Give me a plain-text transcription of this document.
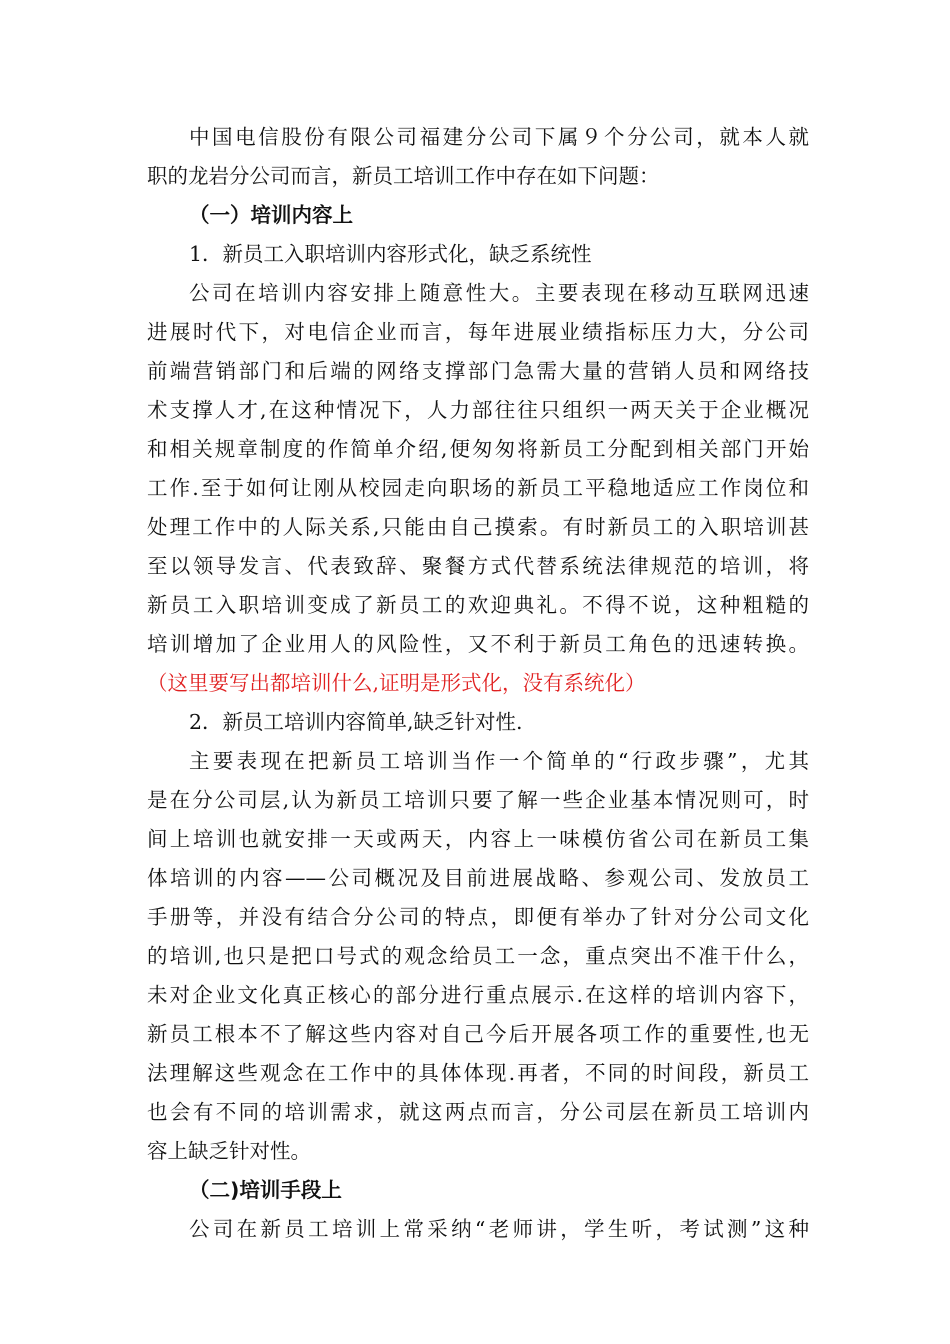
中国电信股份有限公司福建分公司下属９个分公司，就本人就
职的龙岩分公司而言，新员工培训工作中存在如下问题：
（一）培训内容上
1．新员工入职培训内容形式化，缺乏系统性
公司在培训内容安排上随意性大。主要表现在移动互联网迅速
进展时代下，对电信企业而言，每年进展业绩指标压力大，分公司
前端营销部门和后端的网络支撑部门急需大量的营销人员和网络技
术支撑人才,在这种情况下，人力部往往只组织一两天关于企业概况
和相关规章制度的作简单介绍,便匆匆将新员工分配到相关部门开始
工作.至于如何让刚从校园走向职场的新员工平稳地适应工作岗位和
处理工作中的人际关系,只能由自己摸索。有时新员工的入职培训甚
至以领导发言、代表致辞、聚餐方式代替系统法律规范的培训，将
新员工入职培训变成了新员工的欢迎典礼。不得不说，这种粗糙的
培训增加了企业用人的风险性，又不利于新员工角色的迅速转换。
（这里要写出都培训什么,证明是形式化，没有系统化）
2．新员工培训内容简单,缺乏针对性.
主要表现在把新员工培训当作一个简单的“行政步骤”，尤其
是在分公司层,认为新员工培训只要了解一些企业基本情况则可，时
间上培训也就安排一天或两天，内容上一味模仿省公司在新员工集
体培训的内容——公司概况及目前进展战略、参观公司、发放员工
手册等，并没有结合分公司的特点，即便有举办了针对分公司文化
的培训,也只是把口号式的观念给员工一念，重点突出不准干什么，
未对企业文化真正核心的部分进行重点展示.在这样的培训内容下，
新员工根本不了解这些内容对自己今后开展各项工作的重要性,也无
法理解这些观念在工作中的具体体现.再者，不同的时间段，新员工
也会有不同的培训需求，就这两点而言，分公司层在新员工培训内
容上缺乏针对性。
（二)培训手段上
公司在新员工培训上常采纳“老师讲，学生听，考试测”这种
